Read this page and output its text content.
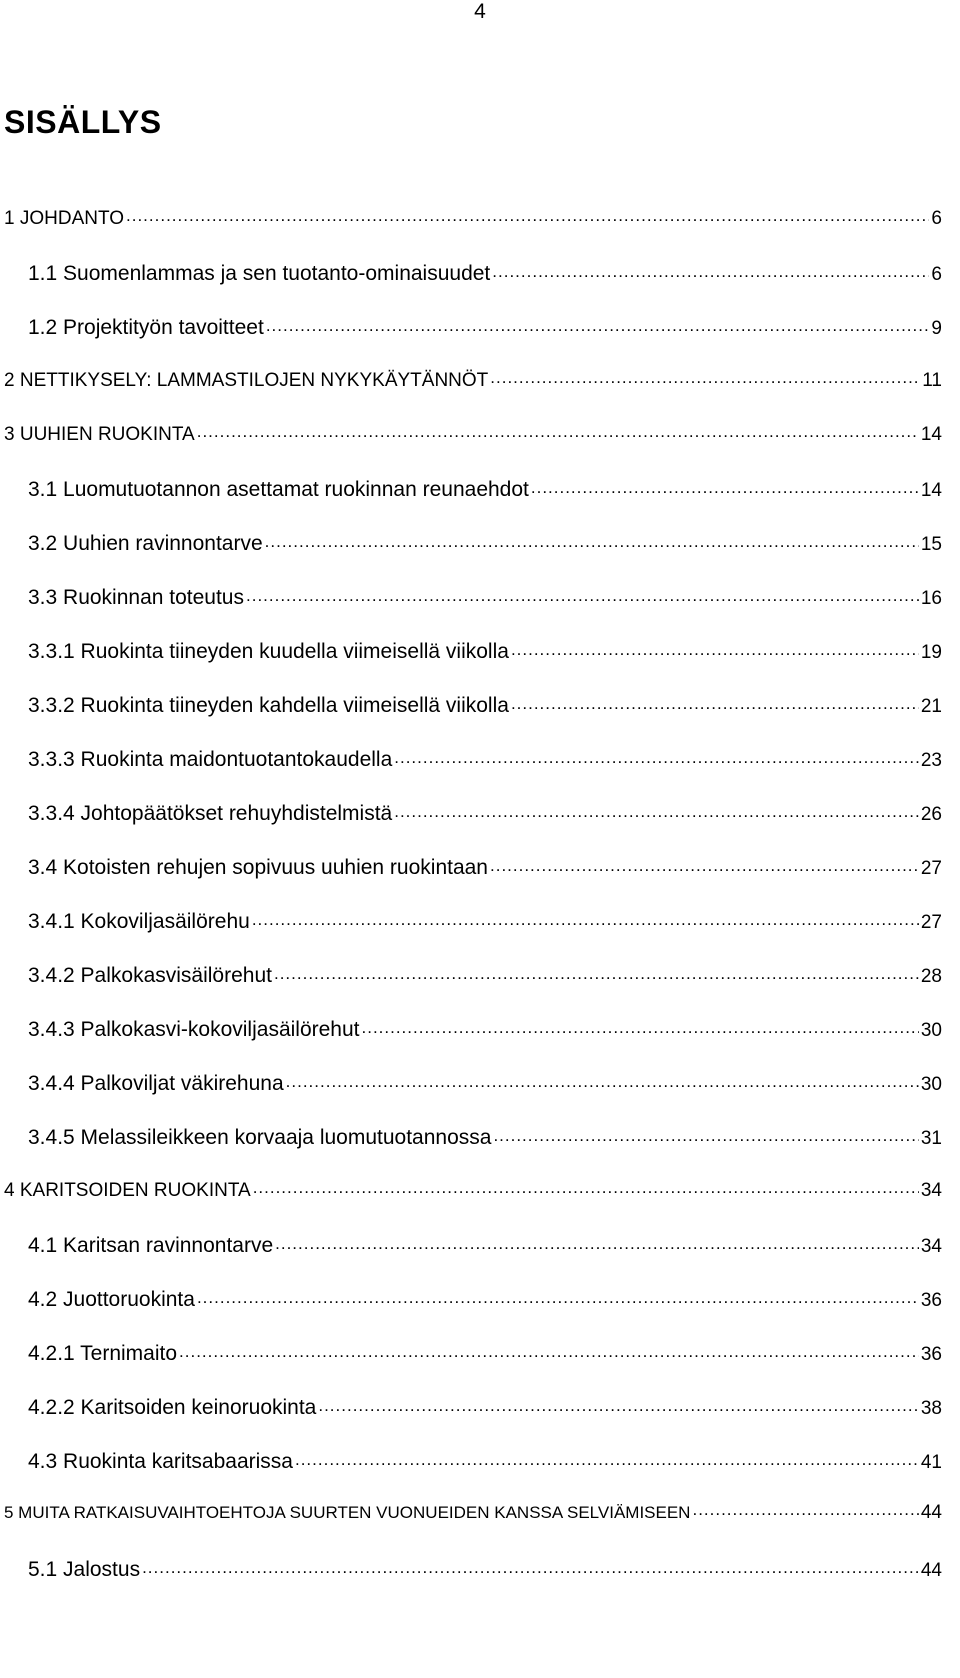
4
SISÄLLYS
1 JOHDANTO .....	6
1.1 Suomenlammas ja sen tuotanto-ominaisuudet .....	6
1.2 Projektityön tavoitteet .....	9
2 NETTIKYSELY: LAMMASTILOJEN NYKYKÄYTÄNNÖT .....	11
3 UUHIEN RUOKINTA .....	14
3.1 Luomutuotannon asettamat ruokinnan reunaehdot .....	14
3.2 Uuhien ravinnontarve .....	15
3.3 Ruokinnan toteutus .....	16
3.3.1 Ruokinta tiineyden kuudella viimeisellä viikolla .....	19
3.3.2 Ruokinta tiineyden kahdella viimeisellä viikolla .....	21
3.3.3 Ruokinta maidontuotantokaudella .....	23
3.3.4 Johtopäätökset rehuyhdistelmistä .....	26
3.4 Kotoisten rehujen sopivuus uuhien ruokintaan .....	27
3.4.1 Kokoviljasäilörehu .....	27
3.4.2 Palkokasvisäilörehut .....	28
3.4.3 Palkokasvi-kokoviljasäilörehut .....	30
3.4.4 Palkoviljat väkirehuna .....	30
3.4.5 Melassileikkeen korvaaja luomutuotannossa .....	31
4 KARITSOIDEN RUOKINTA .....	34
4.1 Karitsan ravinnontarve .....	34
4.2 Juottoruokinta .....	36
4.2.1 Ternimaito .....	36
4.2.2 Karitsoiden keinoruokinta .....	38
4.3 Ruokinta karitsabaarissa .....	41
5 MUITA RATKAISUVAIHTOEHTOJA SUURTEN VUONUEIDEN KANSSA SELVIÄMISEEN .....	44
5.1 Jalostus .....	44
